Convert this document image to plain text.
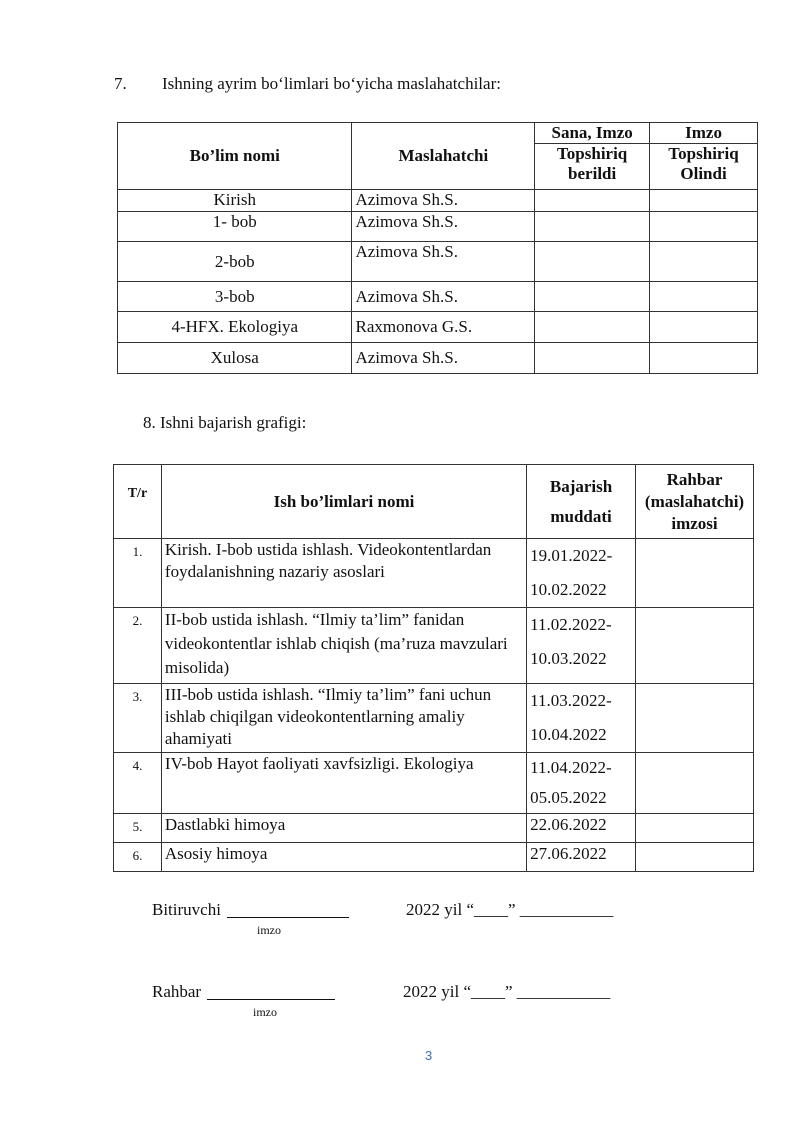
7. Ishning ayrim bo‘limlari bo‘yicha maslahatchilar:
Bo’lim nomi	Maslahatchi	Sana, Imzo	Imzo
		Topshiriq berildi	Topshiriq Olindi
Kirish	Azimova Sh.S.		
1- bob	Azimova Sh.S.		
2-bob	Azimova Sh.S.		
3-bob	Azimova Sh.S.		
4-HFX. Ekologiya	Raxmonova G.S.		
Xulosa	Azimova Sh.S.		
8. Ishni bajarish grafigi:
T/r	Ish bo’limlari nomi	Bajarish muddati	Rahbar (maslahatchi) imzosi
1.	Kirish. I-bob ustida ishlash. Videokontentlardan foydalanishning nazariy asoslari	19.01.2022-
10.02.2022	

2.	II-bob ustida ishlash. “Ilmiy ta’lim” fanidan videokontentlar ishlab chiqish (ma’ruza mavzulari misolida)	11.02.2022-
10.03.2022	

3.	III-bob ustida ishlash. “Ilmiy ta’lim” fani uchun ishlab chiqilgan videokontentlarning amaliy ahamiyati	11.03.2022-
10.04.2022	

4.	IV-bob Hayot faoliyati xavfsizligi. Ekologiya	11.04.2022-
05.05.2022	

5.	Dastlabki himoya	22.06.2022	
6.	Asosiy himoya	27.06.2022	
Bitiruvchi
imzo
2022 yil “____” ___________
Rahbar
imzo
2022 yil “____” ___________
3
